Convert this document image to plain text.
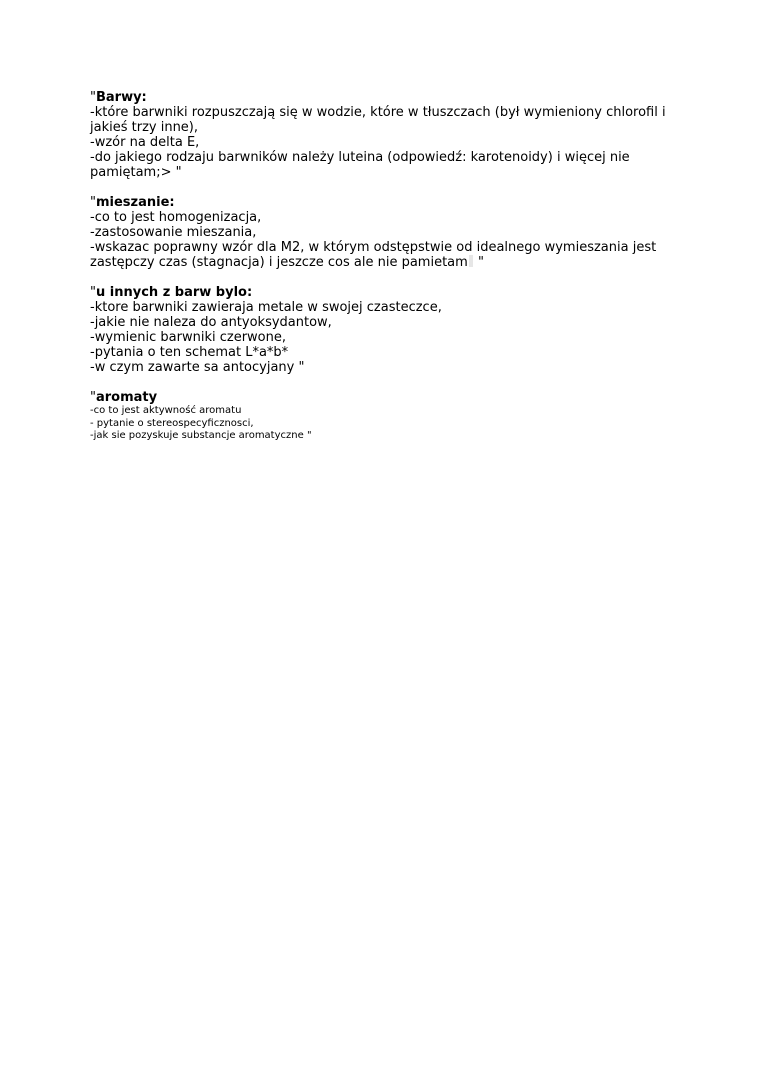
"Barwy:
-które barwniki rozpuszczają się w wodzie, które w tłuszczach (był wymieniony chlorofil i jakieś trzy inne),
-wzór na delta E,
-do jakiego rodzaju barwników należy luteina (odpowiedź: karotenoidy) i więcej nie pamiętam;> "
"mieszanie:
-co to jest homogenizacja,
-zastosowanie mieszania,
-wskazac poprawny wzór dla M2, w którym odstępstwie od idealnego wymieszania jest zastępczy czas (stagnacja) i jeszcze cos ale nie pamietam "
"u innych z barw bylo:
-ktore barwniki zawieraja metale w swojej czasteczce,
-jakie nie naleza do antyoksydantow,
-wymienic barwniki czerwone,
-pytania o ten schemat L*a*b*
-w czym zawarte sa antocyjany "
"aromaty
-co to jest aktywność aromatu
- pytanie o stereospecyficznosci,
-jak sie pozyskuje substancje aromatyczne "
